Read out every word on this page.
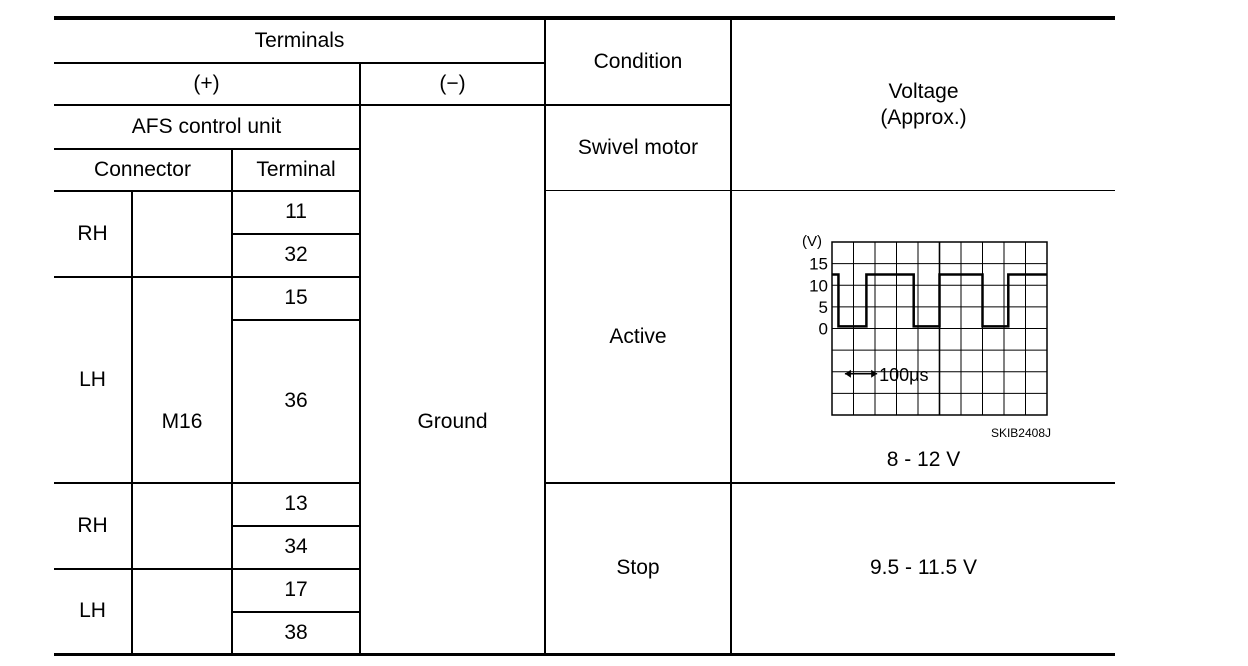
Terminals
(+)	(−)
Condition
Voltage
(Approx.)
AFS control unit
Swivel motor
Connector	Terminal
RH
LH
RH
LH
M16
11
32
15
36
13
34
17
38
Ground
Active
Stop
8 - 12 V
9.5 - 11.5 V
15
10
5
0
(V)
100μs
SKIB2408J
